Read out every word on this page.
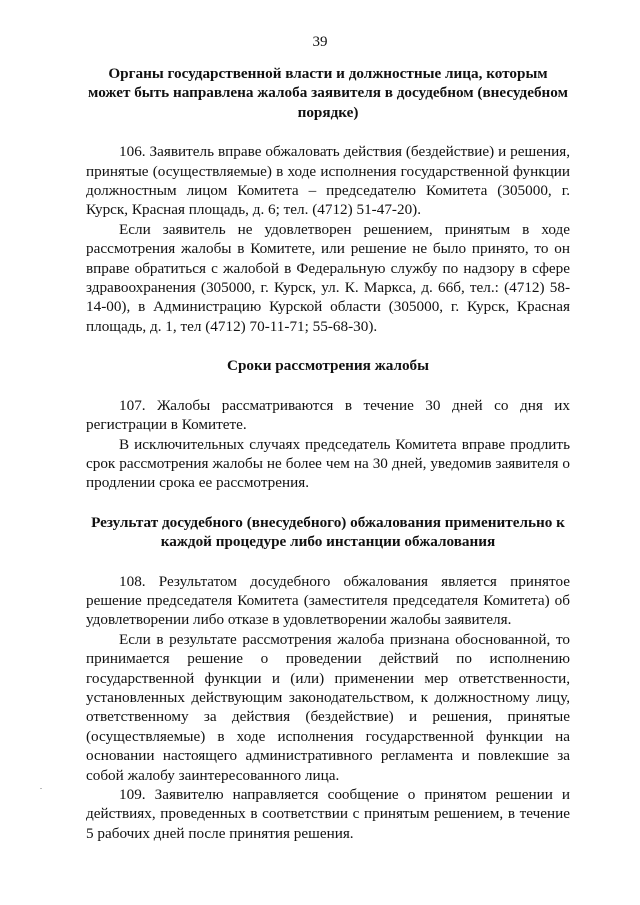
39

Органы государственной власти и должностные лица, которым может быть направлена жалоба заявителя в досудебном (внесудебном порядке)

106. Заявитель вправе обжаловать действия (бездействие) и решения, принятые (осуществляемые) в ходе исполнения государственной функции должностным лицом Комитета – председателю Комитета (305000, г. Курск, Красная площадь, д. 6; тел. (4712) 51-47-20).

Если заявитель не удовлетворен решением, принятым в ходе рассмотрения жалобы в Комитете, или решение не было принято, то он вправе обратиться с жалобой в Федеральную службу по надзору в сфере здравоохранения (305000, г. Курск, ул. К. Маркса, д. 66б, тел.: (4712) 58-14-00), в Администрацию Курской области (305000, г. Курск, Красная площадь, д. 1, тел (4712) 70-11-71; 55-68-30).

Сроки рассмотрения жалобы

107. Жалобы рассматриваются в течение 30 дней со дня их регистрации в Комитете.

В исключительных случаях председатель Комитета вправе продлить срок рассмотрения жалобы не более чем на 30 дней, уведомив заявителя о продлении срока ее рассмотрения.

Результат досудебного (внесудебного) обжалования применительно к каждой процедуре либо инстанции обжалования

108. Результатом досудебного обжалования является принятое решение председателя Комитета (заместителя председателя Комитета) об удовлетворении либо отказе в удовлетворении жалобы заявителя.

Если в результате рассмотрения жалоба признана обоснованной, то принимается решение о проведении действий по исполнению государственной функции и (или) применении мер ответственности, установленных действующим законодательством, к должностному лицу, ответственному за действия (бездействие) и решения, принятые (осуществляемые) в ходе исполнения государственной функции на основании настоящего административного регламента и повлекшие за собой жалобу заинтересованного лица.

109. Заявителю направляется сообщение о принятом решении и действиях, проведенных в соответствии с принятым решением, в течение 5 рабочих дней после принятия решения.
